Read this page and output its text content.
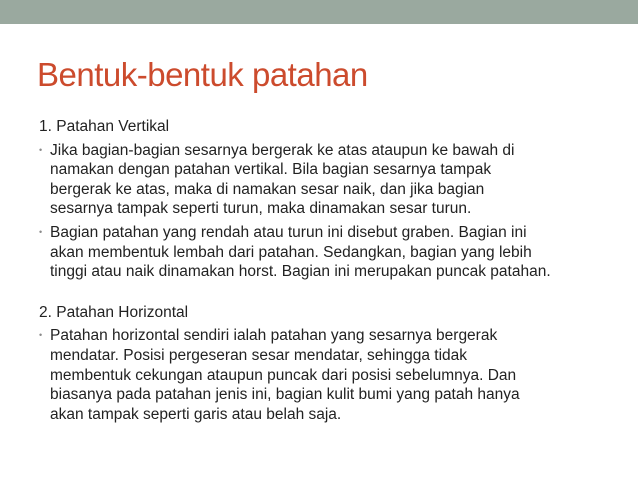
Bentuk-bentuk patahan

1. Patahan Vertikal

• Jika bagian-bagian sesarnya bergerak ke atas ataupun ke bawah di
namakan dengan patahan vertikal. Bila bagian sesarnya tampak
bergerak ke atas, maka di namakan sesar naik, dan jika bagian
sesarnya tampak seperti turun, maka dinamakan sesar turun.

• Bagian patahan yang rendah atau turun ini disebut graben. Bagian ini
akan membentuk lembah dari patahan. Sedangkan, bagian yang lebih
tinggi atau naik dinamakan horst. Bagian ini merupakan puncak patahan.

2. Patahan Horizontal

• Patahan horizontal sendiri ialah patahan yang sesarnya bergerak
mendatar. Posisi pergeseran sesar mendatar, sehingga tidak
membentuk cekungan ataupun puncak dari posisi sebelumnya. Dan
biasanya pada patahan jenis ini, bagian kulit bumi yang patah hanya
akan tampak seperti garis atau belah saja.
